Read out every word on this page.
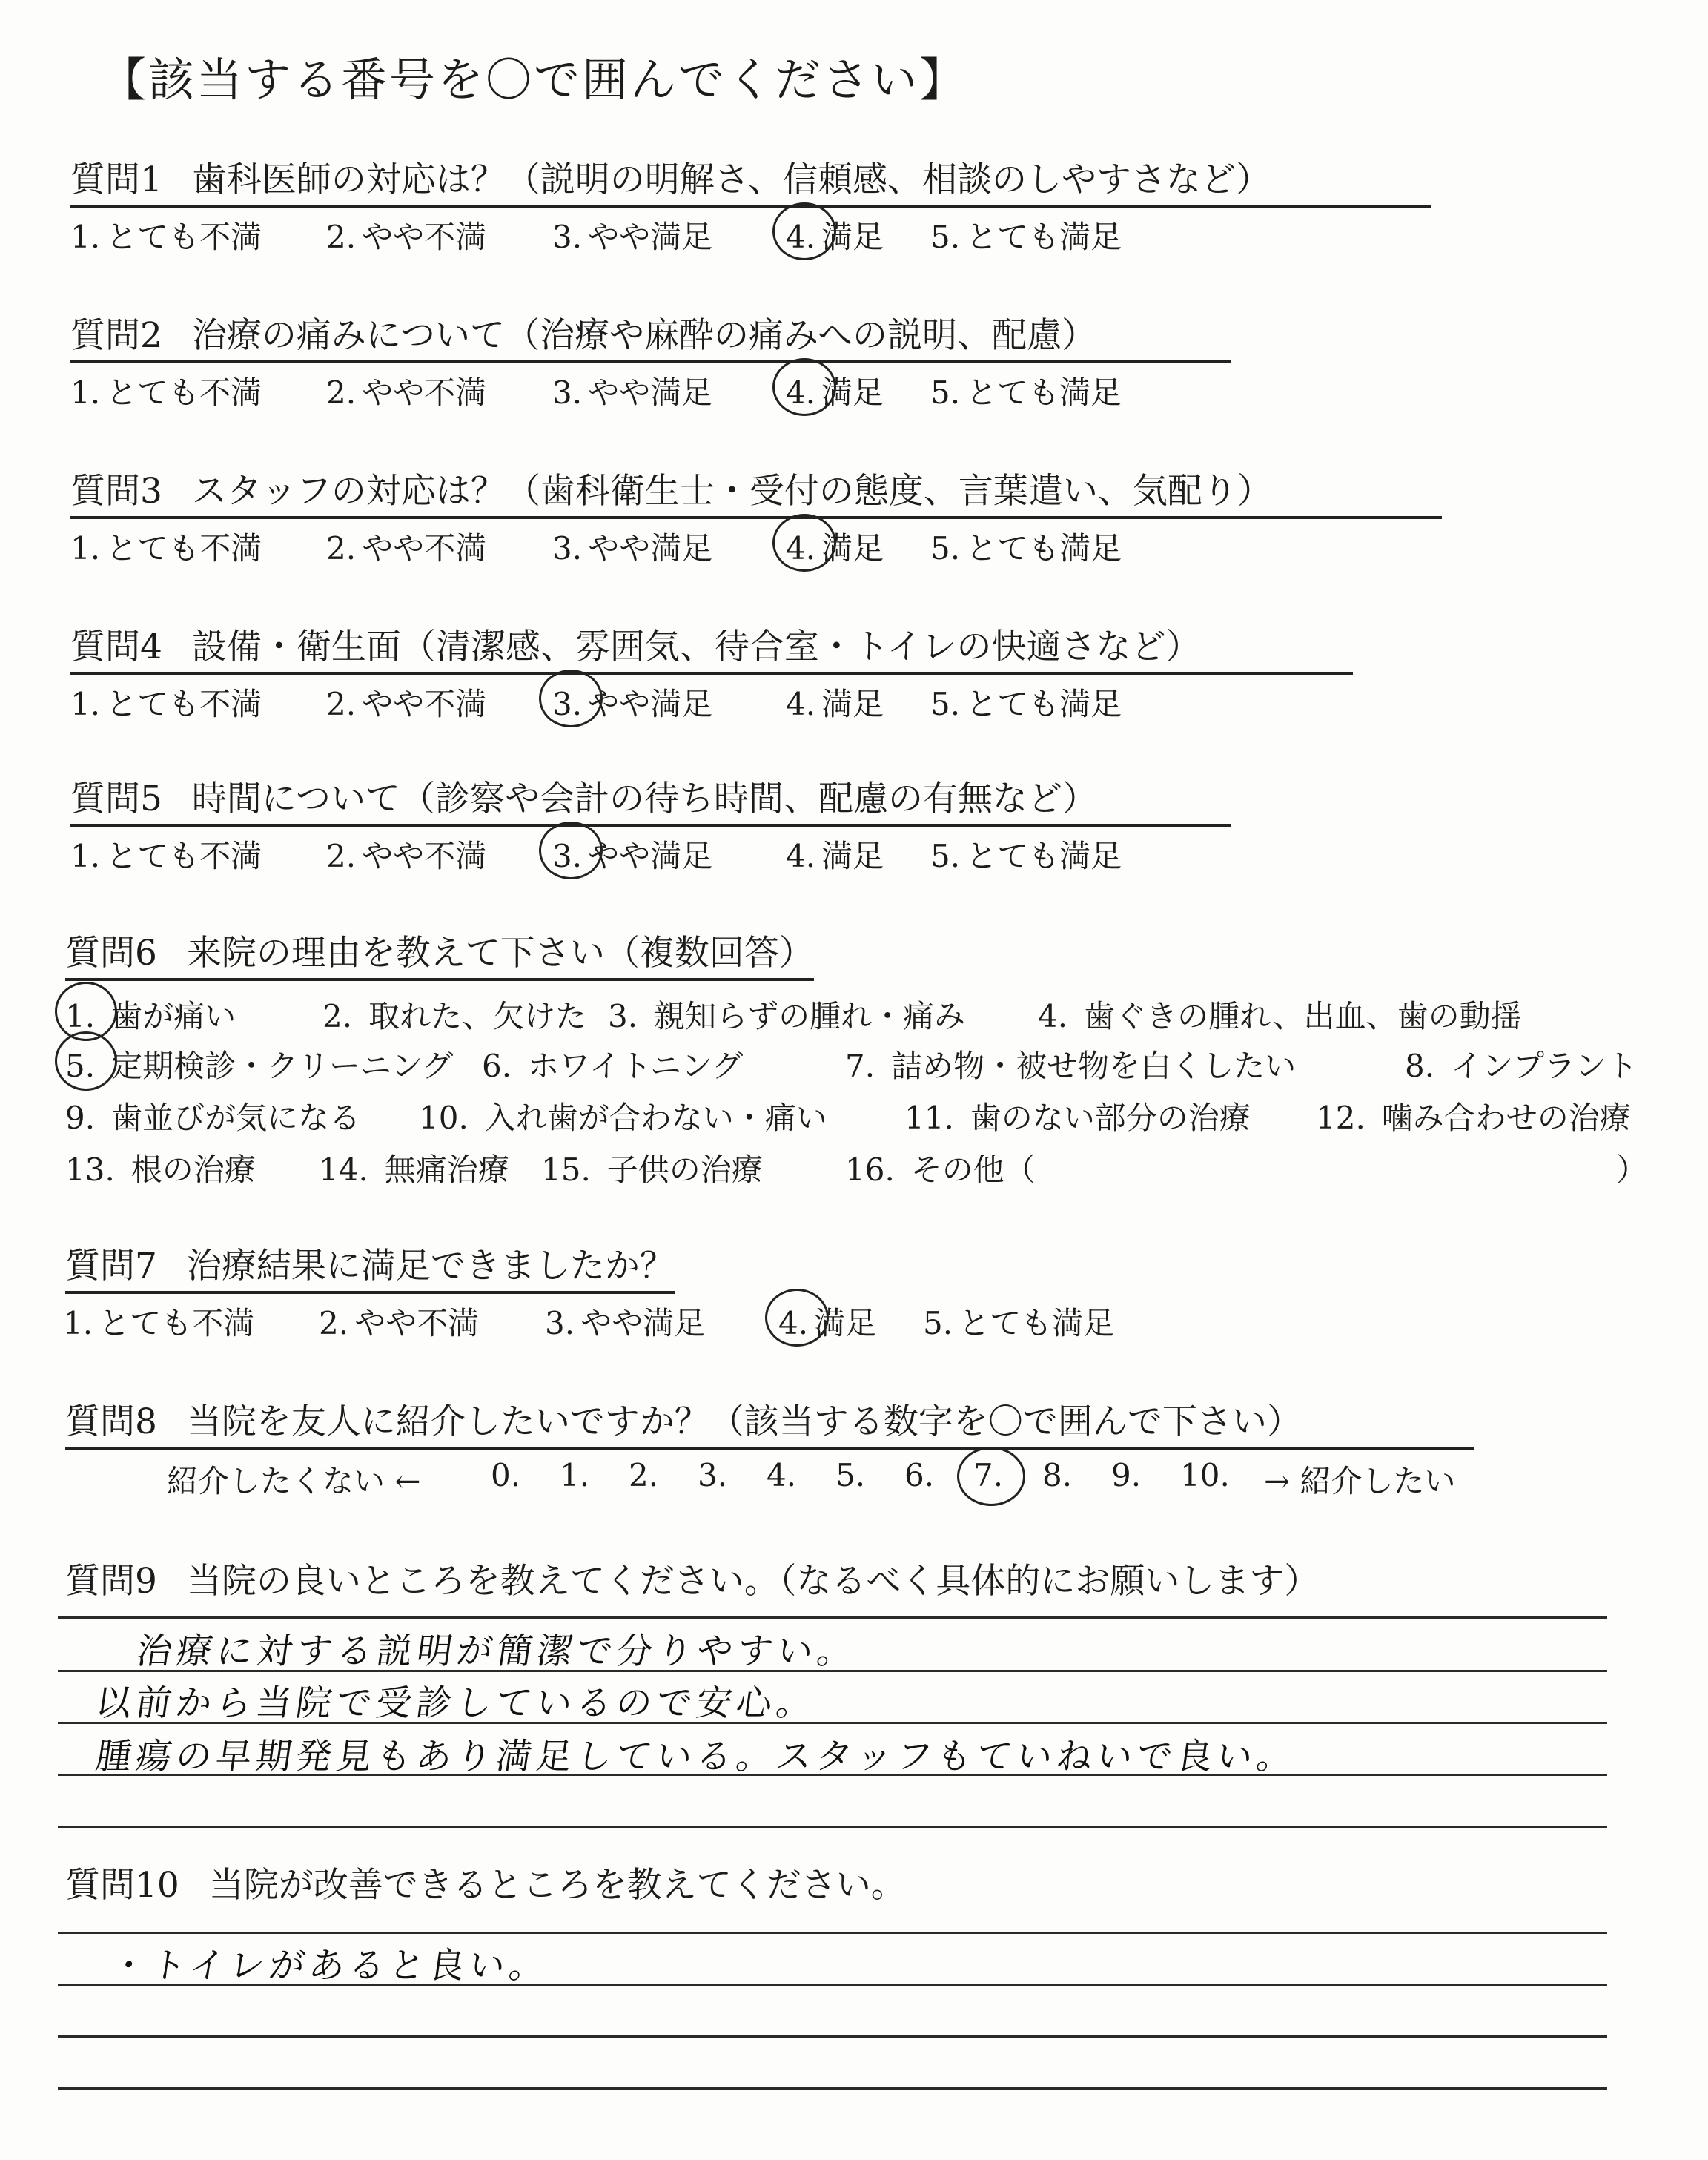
【該当する番号を〇で囲んでください】
質問1 歯科医師の対応は？（説明の明解さ、信頼感、相談のしやすさなど）
1. とても不満 2. やや不満 3. やや満足 4. 満足 5. とても満足
質問2 治療の痛みについて（治療や麻酔の痛みへの説明、配慮）
1. とても不満 2. やや不満 3. やや満足 4. 満足 5. とても満足
質問3 スタッフの対応は？（歯科衛生士・受付の態度、言葉遣い、気配り）
1. とても不満 2. やや不満 3. やや満足 4. 満足 5. とても満足
質問4 設備・衛生面（清潔感、雰囲気、待合室・トイレの快適さなど）
1. とても不満 2. やや不満 3. やや満足 4. 満足 5. とても満足
質問5 時間について（診察や会計の待ち時間、配慮の有無など）
1. とても不満 2. やや不満 3. やや満足 4. 満足 5. とても満足
質問6 来院の理由を教えて下さい（複数回答）
1. 歯が痛い	2. 取れた、欠けた 3. 親知らずの腫れ・痛み 4. 歯ぐきの腫れ、出血、歯の動揺
5. 定期検診・クリーニング 6. ホワイトニング	7. 詰め物・被せ物を白くしたい	8. インプラント
9. 歯並びが気になる 10. 入れ歯が合わない・痛い 11. 歯のない部分の治療 12. 噛み合わせの治療
13. 根の治療 14. 無痛治療 15. 子供の治療	16. その他（	）
質問7 治療結果に満足できましたか？
1. とても不満 2. やや不満 3. やや満足 4. 満足 5. とても満足
質問8 当院を友人に紹介したいですか？（該当する数字を〇で囲んで下さい）
紹介したくない ← 0. 1. 2. 3. 4. 5. 6. 7. 8. 9. 10. → 紹介したい
質問9 当院の良いところを教えてください。（なるべく具体的にお願いします）
治療に対する説明が簡潔で分りやすい。
以前から当院で受診しているので安心。
腫瘍の早期発見もあり満足している。スタッフもていねいで良い。
質問10 当院が改善できるところを教えてください。
・トイレがあると良い。
